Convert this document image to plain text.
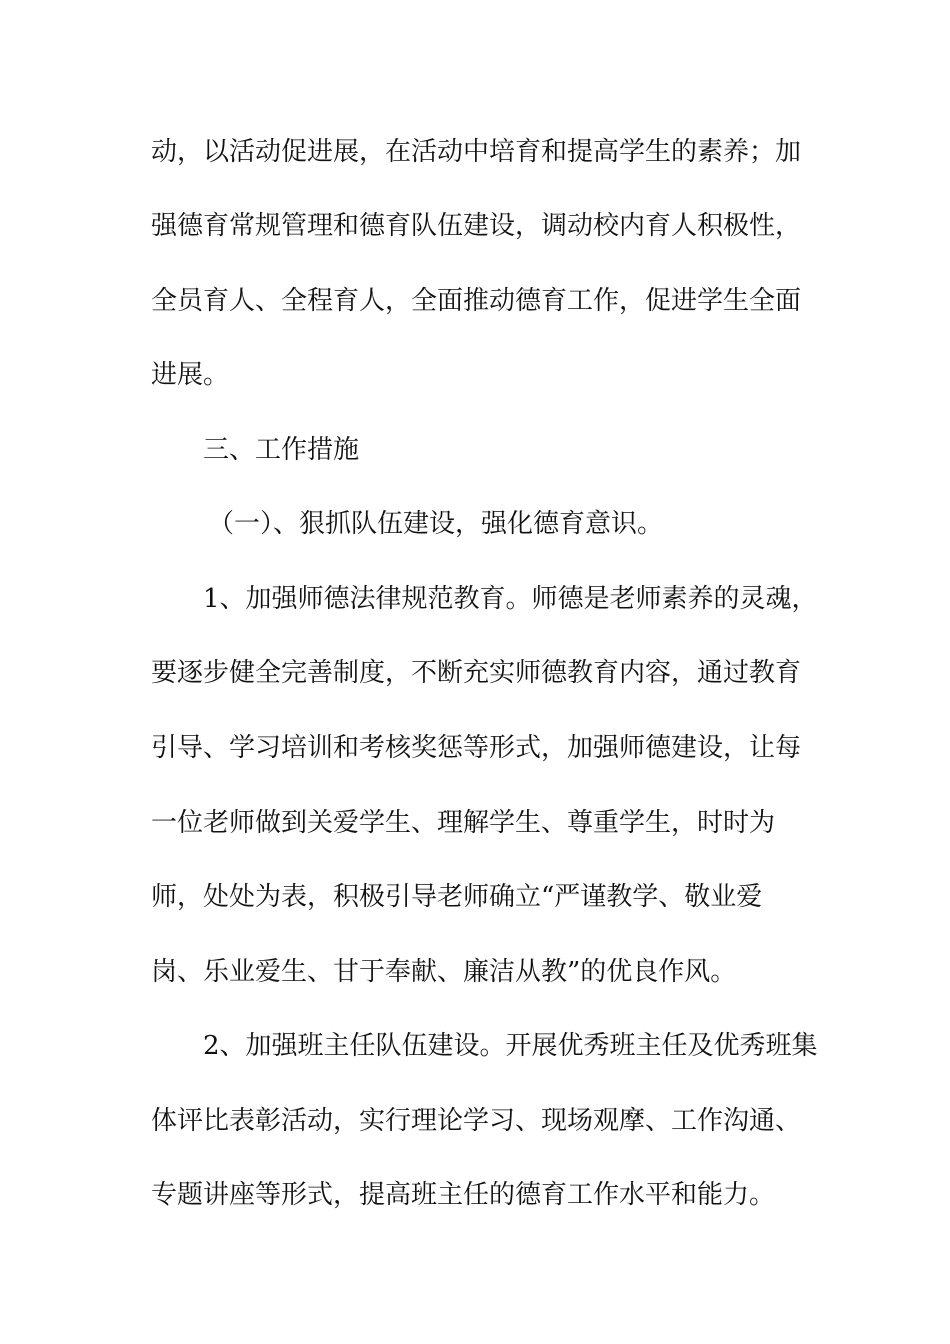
动，以活动促进展，在活动中培育和提高学生的素养；加
强德育常规管理和德育队伍建设，调动校内育人积极性，
全员育人、全程育人，全面推动德育工作，促进学生全面
进展。
三、工作措施
（一）、狠抓队伍建设，强化德育意识。
1、加强师德法律规范教育。师德是老师素养的灵魂，
要逐步健全完善制度，不断充实师德教育内容，通过教育
引导、学习培训和考核奖惩等形式，加强师德建设，让每
一位老师做到关爱学生、理解学生、尊重学生，时时为
师，处处为表，积极引导老师确立“严谨教学、敬业爱
岗、乐业爱生、甘于奉献、廉洁从教”的优良作风。
2、加强班主任队伍建设。开展优秀班主任及优秀班集
体评比表彰活动，实行理论学习、现场观摩、工作沟通、
专题讲座等形式，提高班主任的德育工作水平和能力。
